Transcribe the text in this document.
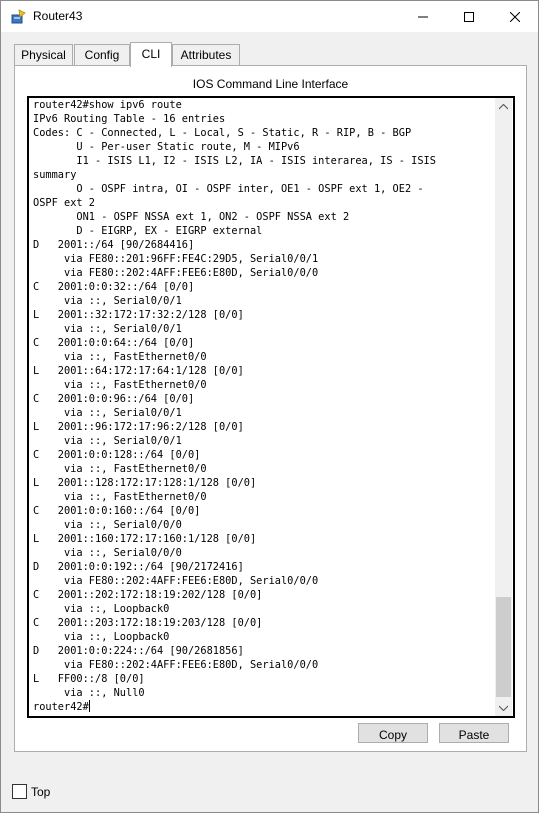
Router43
Physical	Config	CLI	Attributes
IOS Command Line Interface
router42#show ipv6 route
IPv6 Routing Table - 16 entries
Codes: C - Connected, L - Local, S - Static, R - RIP, B - BGP
U - Per-user Static route, M - MIPv6
I1 - ISIS L1, I2 - ISIS L2, IA - ISIS interarea, IS - ISIS
summary
O - OSPF intra, OI - OSPF inter, OE1 - OSPF ext 1, OE2 -
OSPF ext 2
ON1 - OSPF NSSA ext 1, ON2 - OSPF NSSA ext 2
D - EIGRP, EX - EIGRP external
D   2001::/64 [90/2684416]
via FE80::201:96FF:FE4C:29D5, Serial0/0/1
via FE80::202:4AFF:FEE6:E80D, Serial0/0/0
C   2001:0:0:32::/64 [0/0]
via ::, Serial0/0/1
L   2001::32:172:17:32:2/128 [0/0]
via ::, Serial0/0/1
C   2001:0:0:64::/64 [0/0]
via ::, FastEthernet0/0
L   2001::64:172:17:64:1/128 [0/0]
via ::, FastEthernet0/0
C   2001:0:0:96::/64 [0/0]
via ::, Serial0/0/1
L   2001::96:172:17:96:2/128 [0/0]
via ::, Serial0/0/1
C   2001:0:0:128::/64 [0/0]
via ::, FastEthernet0/0
L   2001::128:172:17:128:1/128 [0/0]
via ::, FastEthernet0/0
C   2001:0:0:160::/64 [0/0]
via ::, Serial0/0/0
L   2001::160:172:17:160:1/128 [0/0]
via ::, Serial0/0/0
D   2001:0:0:192::/64 [90/2172416]
via FE80::202:4AFF:FEE6:E80D, Serial0/0/0
C   2001::202:172:18:19:202/128 [0/0]
via ::, Loopback0
C   2001::203:172:18:19:203/128 [0/0]
via ::, Loopback0
D   2001:0:0:224::/64 [90/2681856]
via FE80::202:4AFF:FEE6:E80D, Serial0/0/0
L   FF00::/8 [0/0]
via ::, Null0
router42#
Copy	Paste
Top
